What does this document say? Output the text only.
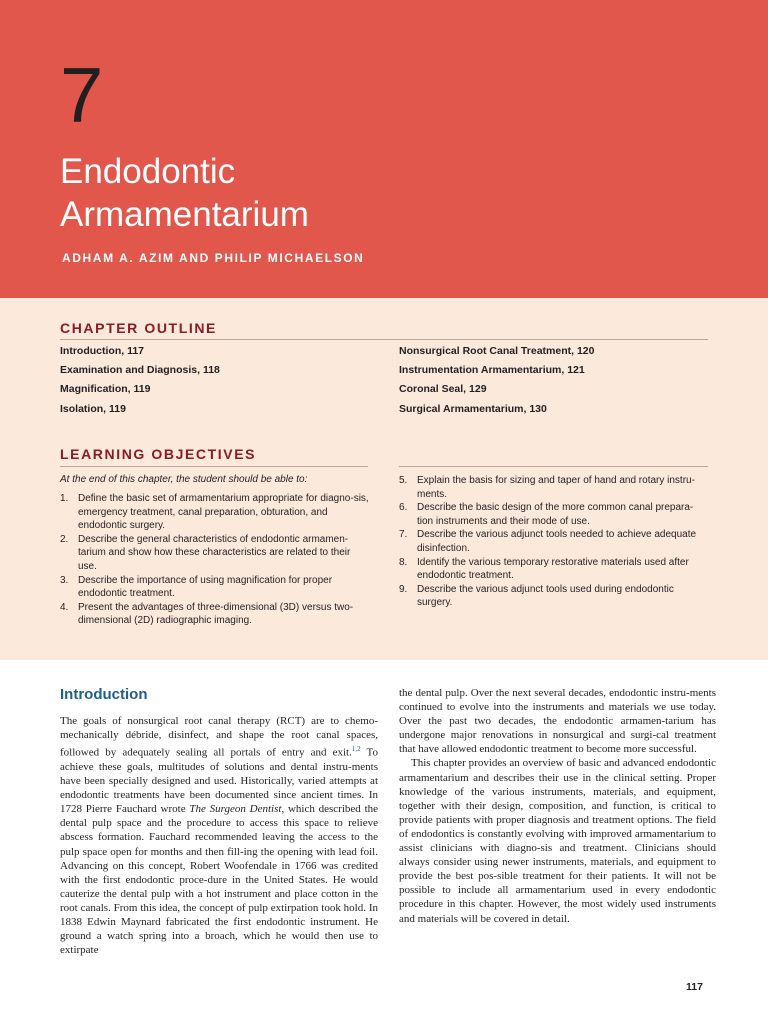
7
Endodontic
Armamentarium
ADHAM A. AZIM AND PHILIP MICHAELSON
CHAPTER OUTLINE
Introduction, 117
Examination and Diagnosis, 118
Magnification, 119
Isolation, 119
Nonsurgical Root Canal Treatment, 120
Instrumentation Armamentarium, 121
Coronal Seal, 129
Surgical Armamentarium, 130
LEARNING OBJECTIVES
At the end of this chapter, the student should be able to:
1. Define the basic set of armamentarium appropriate for diagno-sis, emergency treatment, canal preparation, obturation, and endodontic surgery.
2. Describe the general characteristics of endodontic armamen-tarium and show how these characteristics are related to their use.
3. Describe the importance of using magnification for proper endodontic treatment.
4. Present the advantages of three-dimensional (3D) versus two-dimensional (2D) radiographic imaging.
5. Explain the basis for sizing and taper of hand and rotary instru-ments.
6. Describe the basic design of the more common canal prepara-tion instruments and their mode of use.
7. Describe the various adjunct tools needed to achieve adequate disinfection.
8. Identify the various temporary restorative materials used after endodontic treatment.
9. Describe the various adjunct tools used during endodontic surgery.
Introduction

The goals of nonsurgical root canal therapy (RCT) are to chemo-mechanically débride, disinfect, and shape the root canal spaces, followed by adequately sealing all portals of entry and exit.$^{1,2}$ To achieve these goals, multitudes of solutions and dental instru-ments have been specially designed and used. Historically, varied attempts at endodontic treatments have been documented since ancient times. In 1728 Pierre Fauchard wrote The Surgeon Dentist, which described the dental pulp space and the procedure to access this space to relieve abscess formation. Fauchard recommended leaving the access to the pulp space open for months and then fill-ing the opening with lead foil. Advancing on this concept, Robert Woofendale in 1766 was credited with the first endodontic proce-dure in the United States. He would cauterize the dental pulp with a hot instrument and place cotton in the root canals. From this idea, the concept of pulp extirpation took hold. In 1838 Edwin Maynard fabricated the first endodontic instrument. He ground a watch spring into a broach, which he would then use to extirpate

the dental pulp. Over the next several decades, endodontic instru-ments continued to evolve into the instruments and materials we use today. Over the past two decades, the endodontic armamen-tarium has undergone major renovations in nonsurgical and surgi-cal treatment that have allowed endodontic treatment to become more successful.

This chapter provides an overview of basic and advanced endodontic armamentarium and describes their use in the clinical setting. Proper knowledge of the various instruments, materials, and equipment, together with their design, composition, and function, is critical to provide patients with proper diagnosis and treatment options. The field of endodontics is constantly evolving with improved armamentarium to assist clinicians with diagno-sis and treatment. Clinicians should always consider using newer instruments, materials, and equipment to provide the best pos-sible treatment for their patients. It will not be possible to include all armamentarium used in every endodontic procedure in this chapter. However, the most widely used instruments and materials will be covered in detail.

117
